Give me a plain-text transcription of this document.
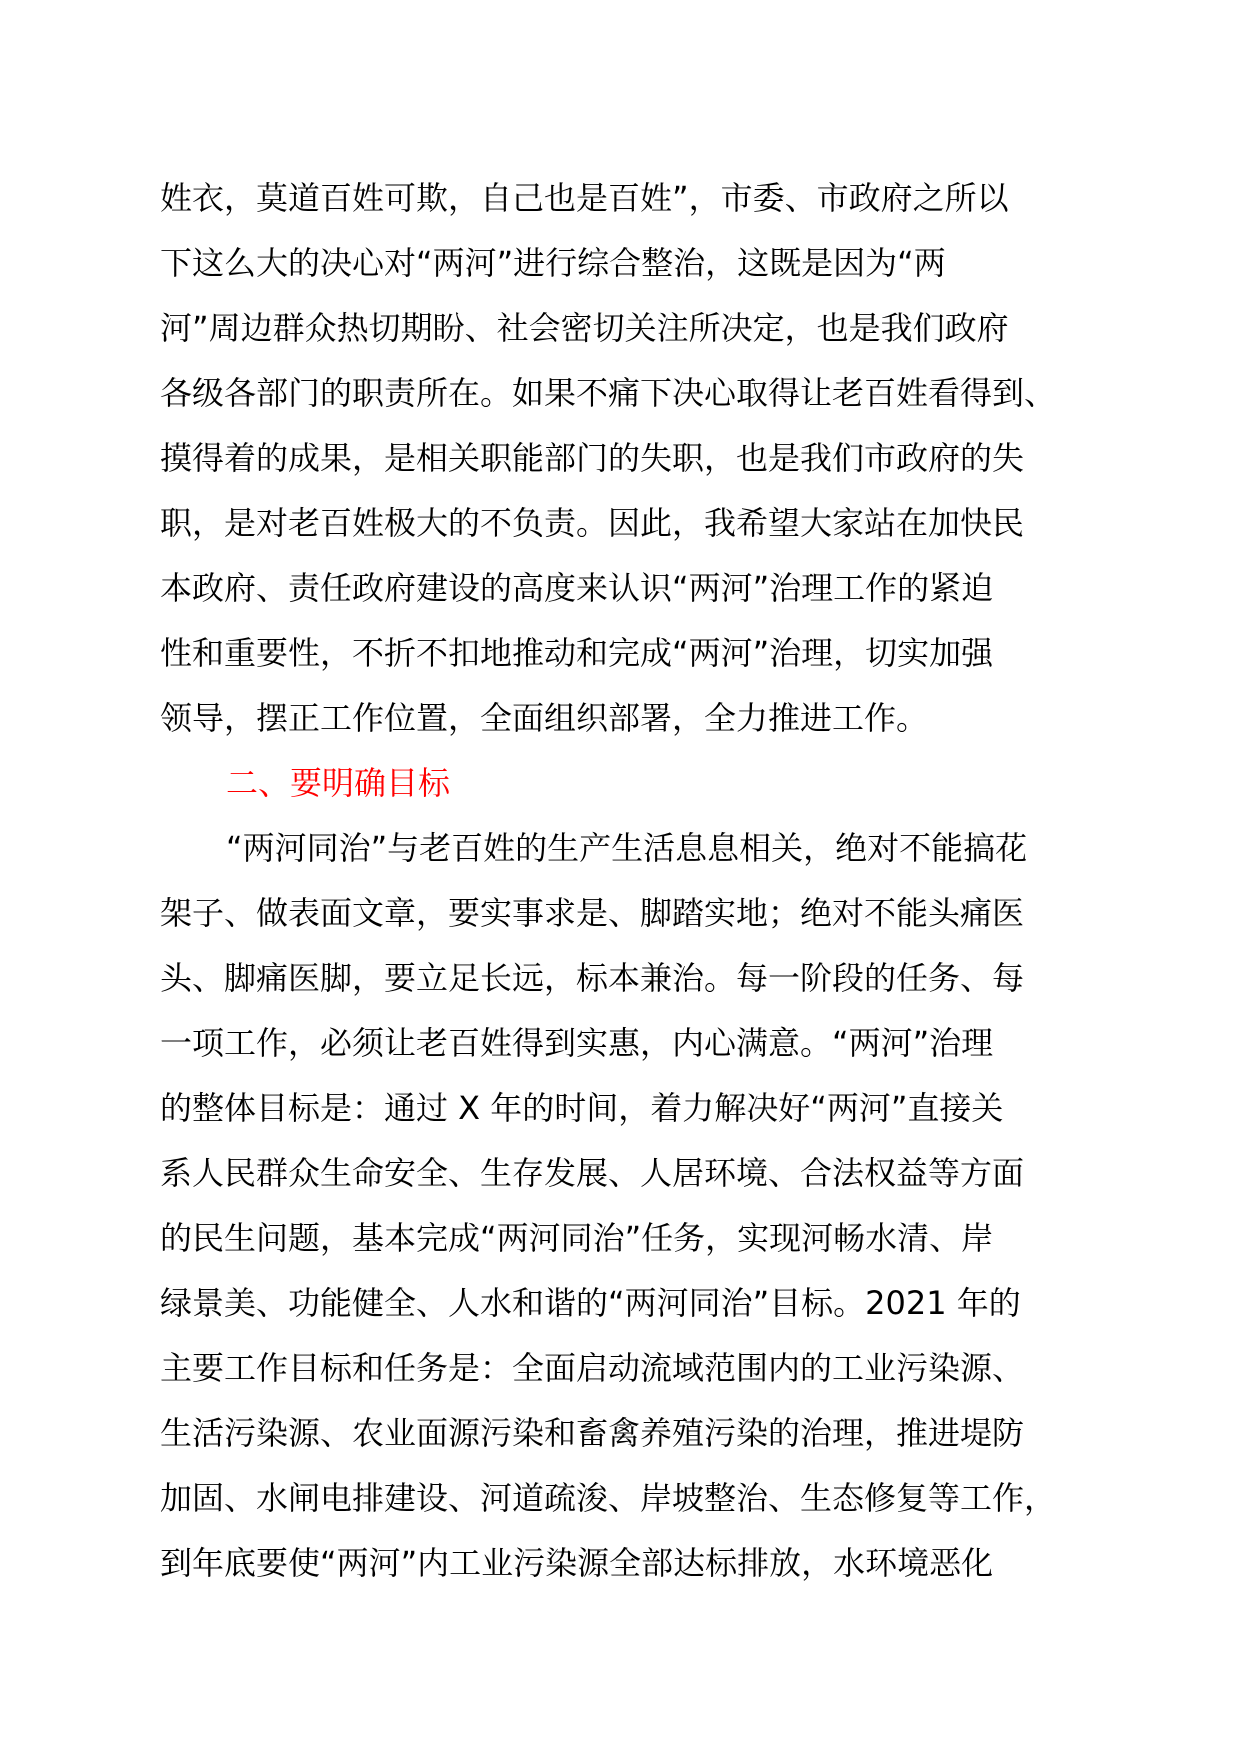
姓衣，莫道百姓可欺，自己也是百姓”，市委、市政府之所以
下这么大的决心对“两河”进行综合整治，这既是因为“两
河”周边群众热切期盼、社会密切关注所决定，也是我们政府
各级各部门的职责所在。如果不痛下决心取得让老百姓看得到、
摸得着的成果，是相关职能部门的失职，也是我们市政府的失
职，是对老百姓极大的不负责。因此，我希望大家站在加快民
本政府、责任政府建设的高度来认识“两河”治理工作的紧迫
性和重要性，不折不扣地推动和完成“两河”治理，切实加强
领导，摆正工作位置，全面组织部署，全力推进工作。
二、要明确目标
“两河同治”与老百姓的生产生活息息相关，绝对不能搞花
架子、做表面文章，要实事求是、脚踏实地；绝对不能头痛医
头、脚痛医脚，要立足长远，标本兼治。每一阶段的任务、每
一项工作，必须让老百姓得到实惠，内心满意。“两河”治理
的整体目标是：通过 X 年的时间，着力解决好“两河”直接关
系人民群众生命安全、生存发展、人居环境、合法权益等方面
的民生问题，基本完成“两河同治”任务，实现河畅水清、岸
绿景美、功能健全、人水和谐的“两河同治”目标。2021 年的
主要工作目标和任务是：全面启动流域范围内的工业污染源、
生活污染源、农业面源污染和畜禽养殖污染的治理，推进堤防
加固、水闸电排建设、河道疏浚、岸坡整治、生态修复等工作，
到年底要使“两河”内工业污染源全部达标排放，水环境恶化
